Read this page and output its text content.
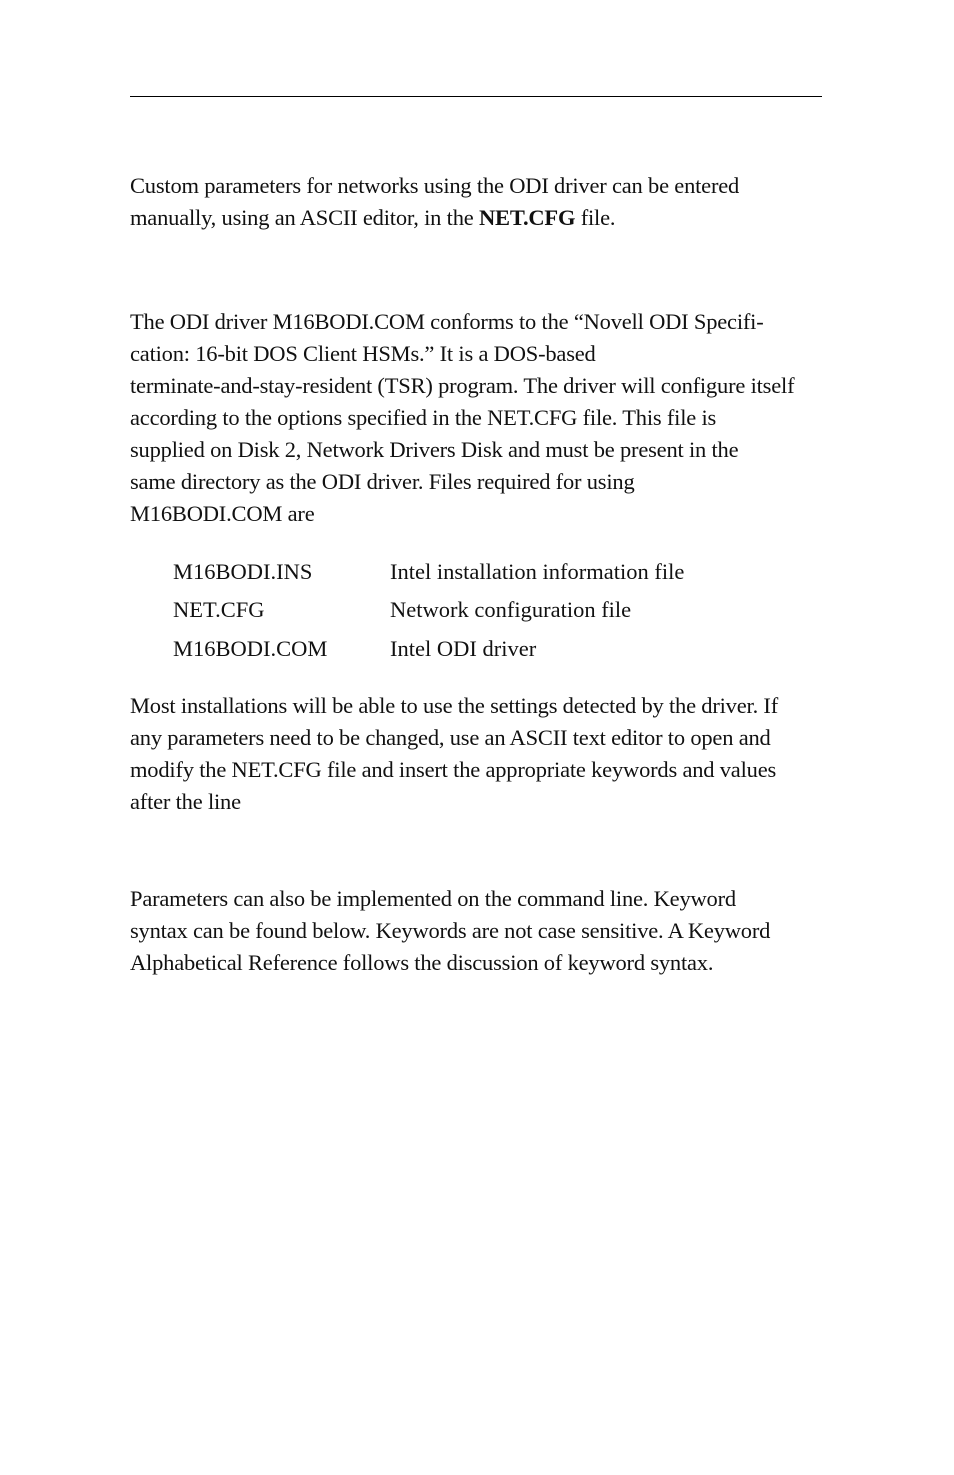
Custom parameters for networks using the ODI driver can be entered
manually, using an ASCII editor, in the NET.CFG file.

The ODI driver M16BODI.COM conforms to the “Novell ODI Specifi-
cation: 16-bit DOS Client HSMs.” It is a DOS-based
terminate-and-stay-resident (TSR) program. The driver will configure itself
according to the options specified in the NET.CFG file. This file is
supplied on Disk 2, Network Drivers Disk and must be present in the
same directory as the ODI driver. Files required for using
M16BODI.COM are

M16BODI.INS	Intel installation information file
NET.CFG	Network configuration file
M16BODI.COM	Intel ODI driver

Most installations will be able to use the settings detected by the driver. If
any parameters need to be changed, use an ASCII text editor to open and
modify the NET.CFG file and insert the appropriate keywords and values
after the line

Parameters can also be implemented on the command line. Keyword
syntax can be found below. Keywords are not case sensitive. A Keyword
Alphabetical Reference follows the discussion of keyword syntax.
